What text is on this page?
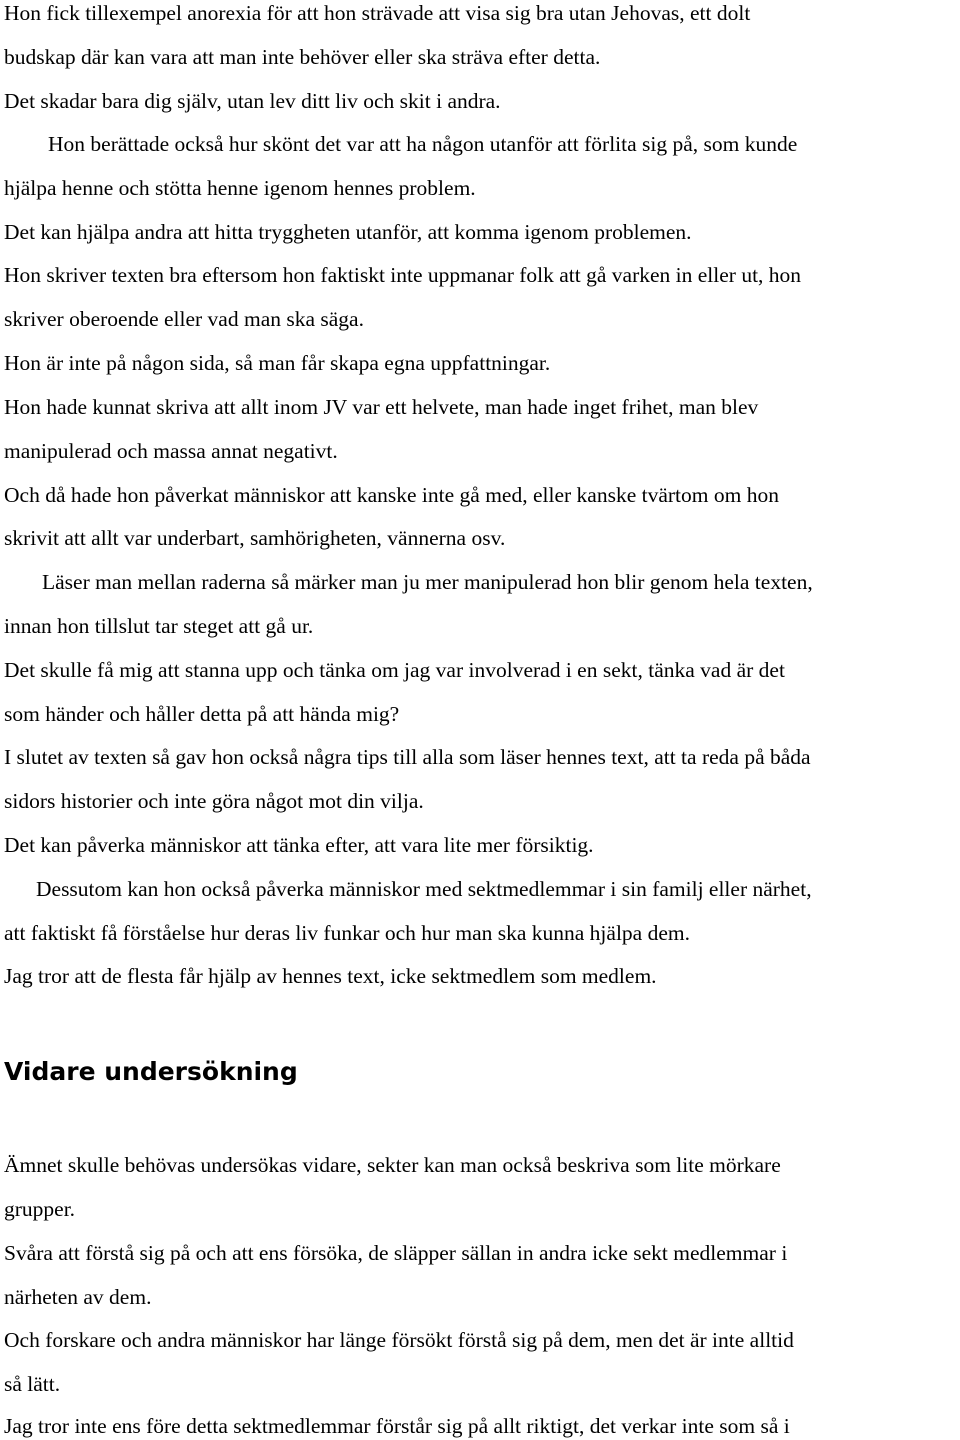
Hon fick tillexempel anorexia för att hon strävade att visa sig bra utan Jehovas, ett dolt
budskap där kan vara att man inte behöver eller ska sträva efter detta.
Det skadar bara dig själv, utan lev ditt liv och skit i andra.
Hon berättade också hur skönt det var att ha någon utanför att förlita sig på, som kunde
hjälpa henne och stötta henne igenom hennes problem.
Det kan hjälpa andra att hitta tryggheten utanför, att komma igenom problemen.
Hon skriver texten bra eftersom hon faktiskt inte uppmanar folk att gå varken in eller ut, hon
skriver oberoende eller vad man ska säga.
Hon är inte på någon sida, så man får skapa egna uppfattningar.
Hon hade kunnat skriva att allt inom JV var ett helvete, man hade inget frihet, man blev
manipulerad och massa annat negativt.
Och då hade hon påverkat människor att kanske inte gå med, eller kanske tvärtom om hon
skrivit att allt var underbart, samhörigheten, vännerna osv.
Läser man mellan raderna så märker man ju mer manipulerad hon blir genom hela texten,
innan hon tillslut tar steget att gå ur.
Det skulle få mig att stanna upp och tänka om jag var involverad i en sekt, tänka vad är det
som händer och håller detta på att hända mig?
I slutet av texten så gav hon också några tips till alla som läser hennes text, att ta reda på båda
sidors historier och inte göra något mot din vilja.
Det kan påverka människor att tänka efter, att vara lite mer försiktig.
Dessutom kan hon också påverka människor med sektmedlemmar i sin familj eller närhet,
att faktiskt få förståelse hur deras liv funkar och hur man ska kunna hjälpa dem.
Jag tror att de flesta får hjälp av hennes text, icke sektmedlem som medlem.
Vidare undersökning
Ämnet skulle behövas undersökas vidare, sekter kan man också beskriva som lite mörkare
grupper.
Svåra att förstå sig på och att ens försöka, de släpper sällan in andra icke sekt medlemmar i
närheten av dem.
Och forskare och andra människor har länge försökt förstå sig på dem, men det är inte alltid
så lätt.
Jag tror inte ens före detta sektmedlemmar förstår sig på allt riktigt, det verkar inte som så i
